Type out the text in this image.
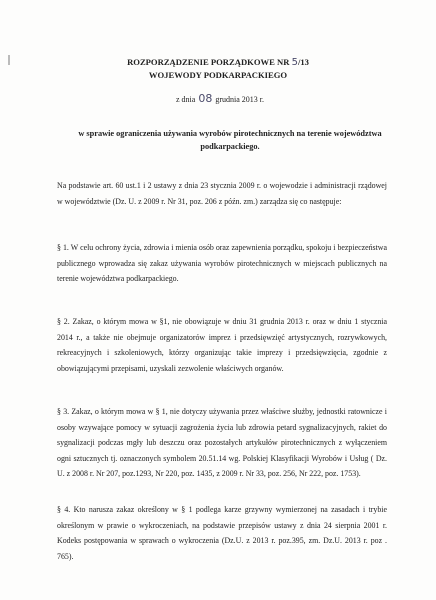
ROZPORZĄDZENIE PORZĄDKOWE NR 5/13
WOJEWODY PODKARPACKIEGO
z dnia 08 grudnia 2013 r.
w sprawie ograniczenia używania wyrobów pirotechnicznych na terenie województwa
podkarpackiego.
Na podstawie art. 60 ust.1 i 2 ustawy z dnia 23 stycznia 2009 r. o wojewodzie i administracji rządowej w województwie (Dz. U. z 2009 r. Nr 31, poz. 206 z późn. zm.) zarządza się co następuje:
§ 1. W celu ochrony życia, zdrowia i mienia osób oraz zapewnienia porządku, spokoju i bezpieczeństwa publicznego wprowadza się zakaz używania wyrobów pirotechnicznych w miejscach publicznych na terenie województwa podkarpackiego.
§ 2. Zakaz, o którym mowa w §1, nie obowiązuje w dniu 31 grudnia 2013 r. oraz w dniu 1 stycznia 2014 r., a także nie obejmuje organizatorów imprez i przedsięwzięć artystycznych, rozrywkowych, rekreacyjnych i szkoleniowych, którzy organizując takie imprezy i przedsięwzięcia, zgodnie z obowiązującymi przepisami, uzyskali zezwolenie właściwych organów.
§ 3. Zakaz, o którym mowa w § 1, nie dotyczy używania przez właściwe służby, jednostki ratownicze i osoby wzywające pomocy w sytuacji zagrożenia życia lub zdrowia petard sygnalizacyjnych, rakiet do sygnalizacji podczas mgły lub deszczu oraz pozostałych artykułów pirotechnicznych z wyłączeniem ogni sztucznych tj. oznaczonych symbolem 20.51.14 wg. Polskiej Klasyfikacji Wyrobów i Usług ( Dz. U. z 2008 r. Nr 207, poz.1293, Nr 220, poz. 1435, z 2009 r. Nr 33, poz. 256, Nr 222, poz. 1753).
§ 4. Kto narusza zakaz określony w § 1 podlega karze grzywny wymierzonej na zasadach i trybie określonym w prawie o wykroczeniach, na podstawie przepisów ustawy z dnia 24 sierpnia 2001 r. Kodeks postępowania w sprawach o wykroczenia (Dz.U. z 2013 r. poz.395, zm. Dz.U. 2013 r. poz . 765).
